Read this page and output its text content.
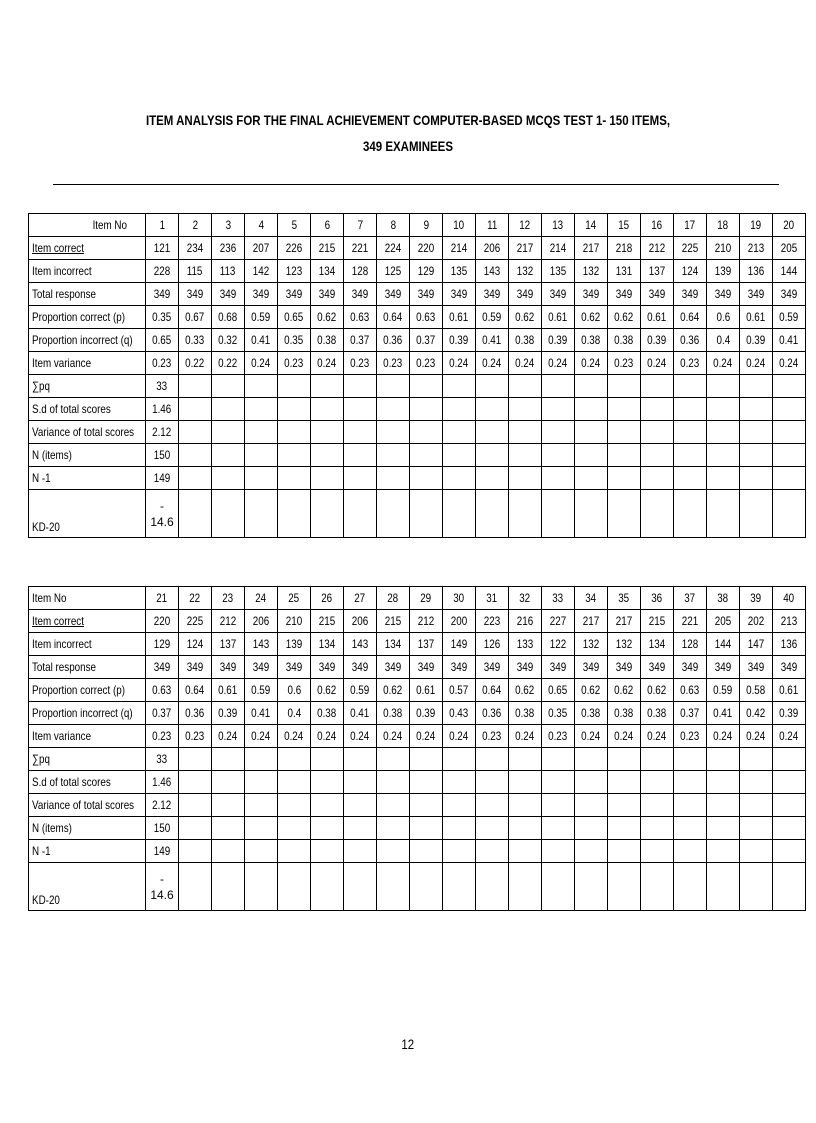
ITEM ANALYSIS FOR THE FINAL ACHIEVEMENT COMPUTER-BASED MCQS TEST 1- 150 ITEMS,
349 EXAMINEES
Item No	1	2	3	4	5	6	7	8	9	10	11	12	13	14	15	16	17	18	19	20
Item correct	121	234	236	207	226	215	221	224	220	214	206	217	214	217	218	212	225	210	213	205
Item incorrect	228	115	113	142	123	134	128	125	129	135	143	132	135	132	131	137	124	139	136	144
Total response	349	349	349	349	349	349	349	349	349	349	349	349	349	349	349	349	349	349	349	349
Proportion correct (p)	0.35	0.67	0.68	0.59	0.65	0.62	0.63	0.64	0.63	0.61	0.59	0.62	0.61	0.62	0.62	0.61	0.64	0.6	0.61	0.59
Proportion incorrect (q)	0.65	0.33	0.32	0.41	0.35	0.38	0.37	0.36	0.37	0.39	0.41	0.38	0.39	0.38	0.38	0.39	0.36	0.4	0.39	0.41
Item variance	0.23	0.22	0.22	0.24	0.23	0.24	0.23	0.23	0.23	0.24	0.24	0.24	0.24	0.24	0.23	0.24	0.23	0.24	0.24	0.24
∑pq	33																			
S.d of total scores	1.46																			
Variance of total scores	2.12																			
N (items)	150																			
N -1	149																			
KD-20	-
14.6																			

Item No	21	22	23	24	25	26	27	28	29	30	31	32	33	34	35	36	37	38	39	40
Item correct	220	225	212	206	210	215	206	215	212	200	223	216	227	217	217	215	221	205	202	213
Item incorrect	129	124	137	143	139	134	143	134	137	149	126	133	122	132	132	134	128	144	147	136
Total response	349	349	349	349	349	349	349	349	349	349	349	349	349	349	349	349	349	349	349	349
Proportion correct (p)	0.63	0.64	0.61	0.59	0.6	0.62	0.59	0.62	0.61	0.57	0.64	0.62	0.65	0.62	0.62	0.62	0.63	0.59	0.58	0.61
Proportion incorrect (q)	0.37	0.36	0.39	0.41	0.4	0.38	0.41	0.38	0.39	0.43	0.36	0.38	0.35	0.38	0.38	0.38	0.37	0.41	0.42	0.39
Item variance	0.23	0.23	0.24	0.24	0.24	0.24	0.24	0.24	0.24	0.24	0.23	0.24	0.23	0.24	0.24	0.24	0.23	0.24	0.24	0.24
∑pq	33																			
S.d of total scores	1.46																			
Variance of total scores	2.12																			
N (items)	150																			
N -1	149																			
KD-20	-
14.6																			

12
